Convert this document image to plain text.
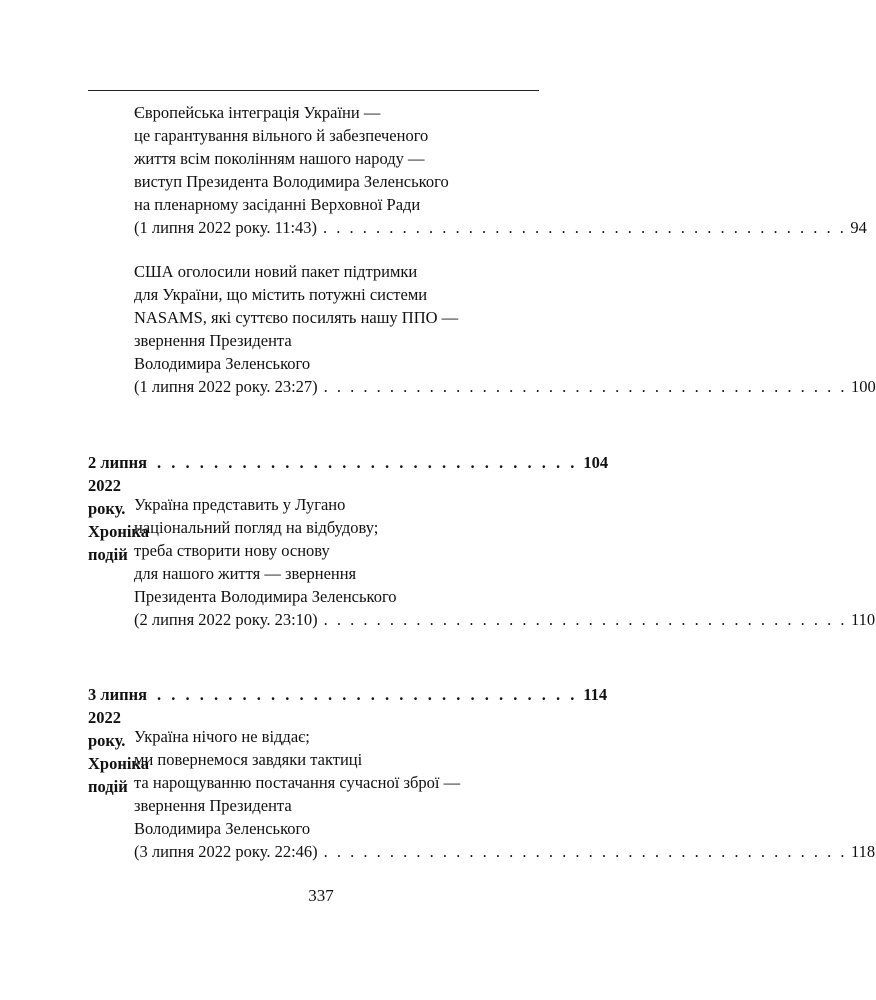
Європейська інтеграція України —
це гарантування вільного й забезпеченого
життя всім поколінням нашого народу —
виступ Президента Володимира Зеленського
на пленарному засіданні Верховної Ради
(1 липня 2022 року. 11:43) . . . . . . . . . . . . . . . . . . . . . . . . . . . . . . . . . . . . . . . . 94
США оголосили новий пакет підтримки
для України, що містить потужні системи
NASAMS, які суттєво посилять нашу ППО —
звернення Президента
Володимира Зеленського
(1 липня 2022 року. 23:27) . . . . . . . . . . . . . . . . . . . . . . . . . . . . . . . . . . . . . . . . 100
2 липня 2022 року. Хроніка подій
. . . . . . . . . . . . . . . . . . . . . . . . . . . . . . 104
Україна представить у Лугано
національний погляд на відбудову;
треба створити нову основу
для нашого життя — звернення
Президента Володимира Зеленського
(2 липня 2022 року. 23:10) . . . . . . . . . . . . . . . . . . . . . . . . . . . . . . . . . . . . . . . . 110
3 липня 2022 року. Хроніка подій
. . . . . . . . . . . . . . . . . . . . . . . . . . . . . . 114
Україна нічого не віддає;
ми повернемося завдяки тактиці
та нарощуванню постачання сучасної зброї —
звернення Президента
Володимира Зеленського
(3 липня 2022 року. 22:46) . . . . . . . . . . . . . . . . . . . . . . . . . . . . . . . . . . . . . . . . 118
337
